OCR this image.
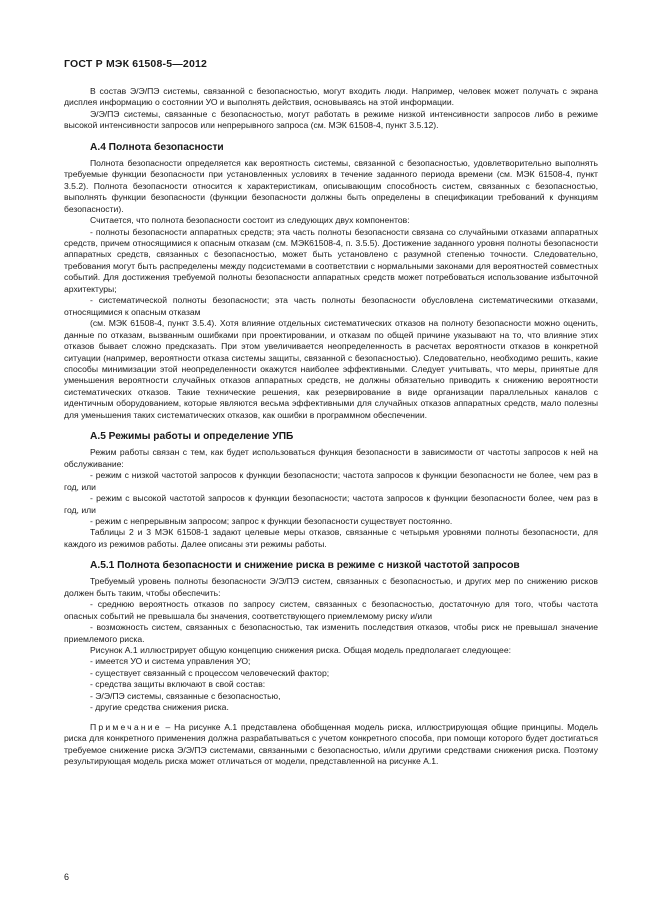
ГОСТ Р МЭК 61508-5—2012

В состав Э/Э/ПЭ системы, связанной с безопасностью, могут входить люди. Например, человек может получать с экрана дисплея информацию о состоянии УО и выполнять действия, основываясь на этой информации.

Э/Э/ПЭ системы, связанные с безопасностью, могут работать в режиме низкой интенсивности запросов либо в режиме высокой интенсивности запросов или непрерывного запроса (см. МЭК 61508-4, пункт 3.5.12).

А.4 Полнота безопасности

Полнота безопасности определяется как вероятность системы, связанной с безопасностью, удовлетворительно выполнять требуемые функции безопасности при установленных условиях в течение заданного периода времени (см. МЭК 61508-4, пункт 3.5.2). Полнота безопасности относится к характеристикам, описывающим способность систем, связанных с безопасностью, выполнять функции безопасности (функции безопасности должны быть определены в спецификации требований к функциям безопасности).

Считается, что полнота безопасности состоит из следующих двух компонентов:

- полноты безопасности аппаратных средств; эта часть полноты безопасности связана со случайными отказами аппаратных средств, причем относящимися к опасным отказам (см. МЭК61508-4, п. 3.5.5). Достижение заданного уровня полноты безопасности аппаратных средств, связанных с безопасностью, может быть установлено с разумной степенью точности. Следовательно, требования могут быть распределены между подсистемами в соответствии с нормальными законами для вероятностей совместных событий. Для достижения требуемой полноты безопасности аппаратных средств может потребоваться использование избыточной архитектуры;

- систематической полноты безопасности; эта часть полноты безопасности обусловлена систематическими отказами, относящимися к опасным отказам

(см. МЭК 61508-4, пункт 3.5.4). Хотя влияние отдельных систематических отказов на полноту безопасности можно оценить, данные по отказам, вызванным ошибками при проектировании, и отказам по общей причине указывают на то, что влияние этих отказов бывает сложно предсказать. При этом увеличивается неопределенность в расчетах вероятности отказов в конкретной ситуации (например, вероятности отказа системы защиты, связанной с безопасностью). Следовательно, необходимо решить, какие способы минимизации этой неопределенности окажутся наиболее эффективными. Следует учитывать, что меры, принятые для уменьшения вероятности случайных отказов аппаратных средств, не должны обязательно приводить к снижению вероятности систематических отказов. Такие технические решения, как резервирование в виде организации параллельных каналов с идентичным оборудованием, которые являются весьма эффективными для случайных отказов аппаратных средств, мало полезны для уменьшения таких систематических отказов, как ошибки в программном обеспечении.

А.5 Режимы работы и определение УПБ

Режим работы связан с тем, как будет использоваться функция безопасности в зависимости от частоты запросов к ней на обслуживание:

- режим с низкой частотой запросов к функции безопасности; частота запросов к функции безопасности не более, чем раз в год, или

- режим с высокой частотой запросов к функции безопасности; частота запросов к функции безопасности более, чем раз в год, или

- режим с непрерывным запросом; запрос к функции безопасности существует постоянно.

Таблицы 2 и 3 МЭК 61508-1 задают целевые меры отказов, связанные с четырьмя уровнями полноты безопасности, для каждого из режимов работы. Далее описаны эти режимы работы.

А.5.1 Полнота безопасности и снижение риска в режиме с низкой частотой запросов

Требуемый уровень полноты безопасности Э/Э/ПЭ систем, связанных с безопасностью, и других мер по снижению рисков должен быть таким, чтобы обеспечить:

- среднюю вероятность отказов по запросу систем, связанных с безопасностью, достаточную для того, чтобы частота опасных событий не превышала бы значения, соответствующего приемлемому риску и/или

- возможность систем, связанных с безопасностью, так изменить последствия отказов, чтобы риск не превышал значение приемлемого риска.

Рисунок А.1 иллюстрирует общую концепцию снижения риска. Общая модель предполагает следующее:

- имеется УО и система управления УО;

- существует связанный с процессом человеческий фактор;

- средства защиты включают в свой состав:

- Э/Э/ПЭ системы, связанные с безопасностью,

- другие средства снижения риска.

Примечание – На рисунке А.1 представлена обобщенная модель риска, иллюстрирующая общие принципы. Модель риска для конкретного применения должна разрабатываться с учетом конкретного способа, при помощи которого будет достигаться требуемое снижение риска Э/Э/ПЭ системами, связанными с безопасностью, и/или другими средствами снижения риска. Поэтому результирующая модель риска может отличаться от модели, представленной на рисунке А.1.

6
